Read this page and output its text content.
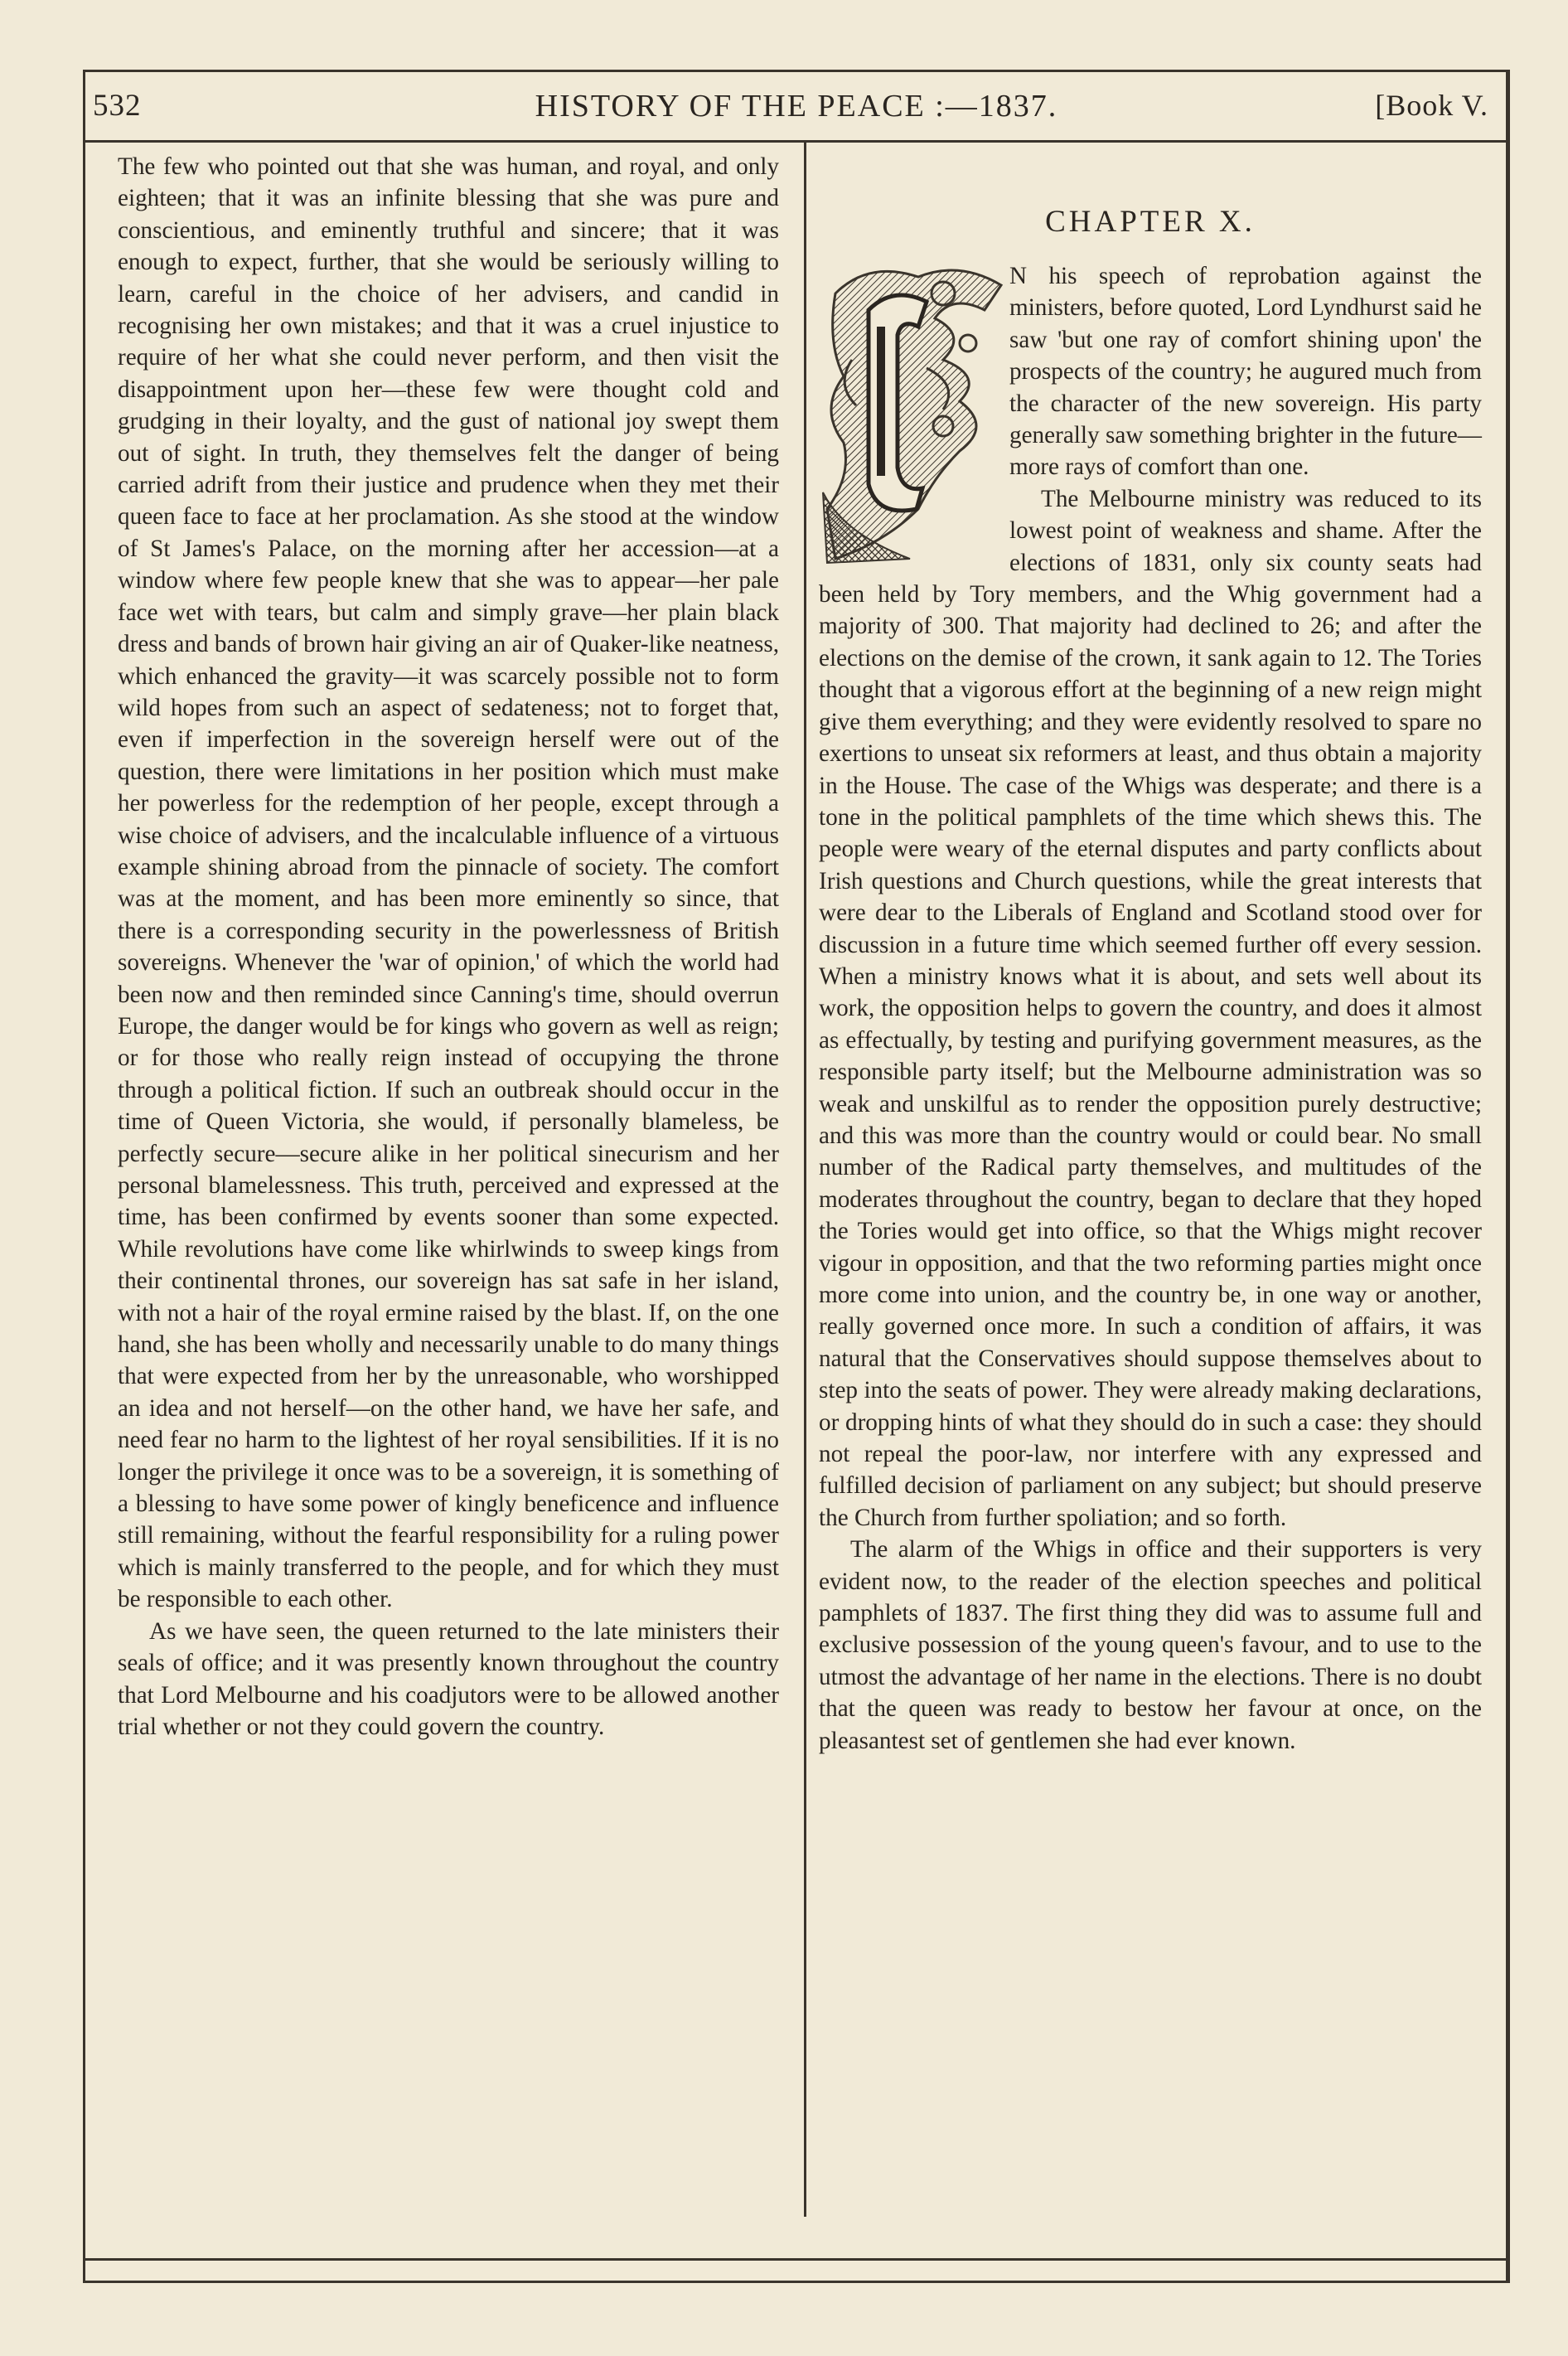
532	HISTORY OF THE PEACE :—1837.	[Book V.

The few who pointed out that she was human, and royal, and only eighteen; that it was an infinite blessing that she was pure and conscientious, and eminently truthful and sincere; that it was enough to expect, further, that she would be seriously willing to learn, careful in the choice of her advisers, and candid in recognising her own mistakes; and that it was a cruel injustice to require of her what she could never perform, and then visit the disappointment upon her—these few were thought cold and grudging in their loyalty, and the gust of national joy swept them out of sight. In truth, they themselves felt the danger of being carried adrift from their justice and prudence when they met their queen face to face at her proclamation. As she stood at the window of St James's Palace, on the morning after her accession—at a window where few people knew that she was to appear—her pale face wet with tears, but calm and simply grave—her plain black dress and bands of brown hair giving an air of Quaker-like neatness, which enhanced the gravity—it was scarcely possible not to form wild hopes from such an aspect of sedateness; not to forget that, even if imperfection in the sovereign herself were out of the question, there were limitations in her position which must make her powerless for the redemption of her people, except through a wise choice of advisers, and the incalculable influence of a virtuous example shining abroad from the pinnacle of society. The comfort was at the moment, and has been more eminently so since, that there is a corresponding security in the powerlessness of British sovereigns. Whenever the 'war of opinion,' of which the world had been now and then reminded since Canning's time, should overrun Europe, the danger would be for kings who govern as well as reign; or for those who really reign instead of occupying the throne through a political fiction. If such an outbreak should occur in the time of Queen Victoria, she would, if personally blameless, be perfectly secure—secure alike in her political sinecurism and her personal blamelessness. This truth, perceived and expressed at the time, has been confirmed by events sooner than some expected. While revolutions have come like whirlwinds to sweep kings from their continental thrones, our sovereign has sat safe in her island, with not a hair of the royal ermine raised by the blast. If, on the one hand, she has been wholly and necessarily unable to do many things that were expected from her by the unreasonable, who worshipped an idea and not herself—on the other hand, we have her safe, and need fear no harm to the lightest of her royal sensibilities. If it is no longer the privilege it once was to be a sovereign, it is something of a blessing to have some power of kingly beneficence and influence still remaining, without the fearful responsibility for a ruling power which is mainly transferred to the people, and for which they must be responsible to each other.

As we have seen, the queen returned to the late ministers their seals of office; and it was presently known throughout the country that Lord Melbourne and his coadjutors were to be allowed another trial whether or not they could govern the country.

CHAPTER X.

N his speech of reprobation against the ministers, before quoted, Lord Lyndhurst said he saw 'but one ray of comfort shining upon' the prospects of the country; he augured much from the character of the new sovereign. His party generally saw something brighter in the future—more rays of comfort than one.

The Melbourne ministry was reduced to its lowest point of weakness and shame. After the elections of 1831, only six county seats had been held by Tory members, and the Whig government had a majority of 300. That majority had declined to 26; and after the elections on the demise of the crown, it sank again to 12. The Tories thought that a vigorous effort at the beginning of a new reign might give them everything; and they were evidently resolved to spare no exertions to unseat six reformers at least, and thus obtain a majority in the House. The case of the Whigs was desperate; and there is a tone in the political pamphlets of the time which shews this. The people were weary of the eternal disputes and party conflicts about Irish questions and Church questions, while the great interests that were dear to the Liberals of England and Scotland stood over for discussion in a future time which seemed further off every session. When a ministry knows what it is about, and sets well about its work, the opposition helps to govern the country, and does it almost as effectually, by testing and purifying government measures, as the responsible party itself; but the Melbourne administration was so weak and unskilful as to render the opposition purely destructive; and this was more than the country would or could bear. No small number of the Radical party themselves, and multitudes of the moderates throughout the country, began to declare that they hoped the Tories would get into office, so that the Whigs might recover vigour in opposition, and that the two reforming parties might once more come into union, and the country be, in one way or another, really governed once more. In such a condition of affairs, it was natural that the Conservatives should suppose themselves about to step into the seats of power. They were already making declarations, or dropping hints of what they should do in such a case: they should not repeal the poor-law, nor interfere with any expressed and fulfilled decision of parliament on any subject; but should preserve the Church from further spoliation; and so forth.

The alarm of the Whigs in office and their supporters is very evident now, to the reader of the election speeches and political pamphlets of 1837. The first thing they did was to assume full and exclusive possession of the young queen's favour, and to use to the utmost the advantage of her name in the elections. There is no doubt that the queen was ready to bestow her favour at once, on the pleasantest set of gentlemen she had ever known.
